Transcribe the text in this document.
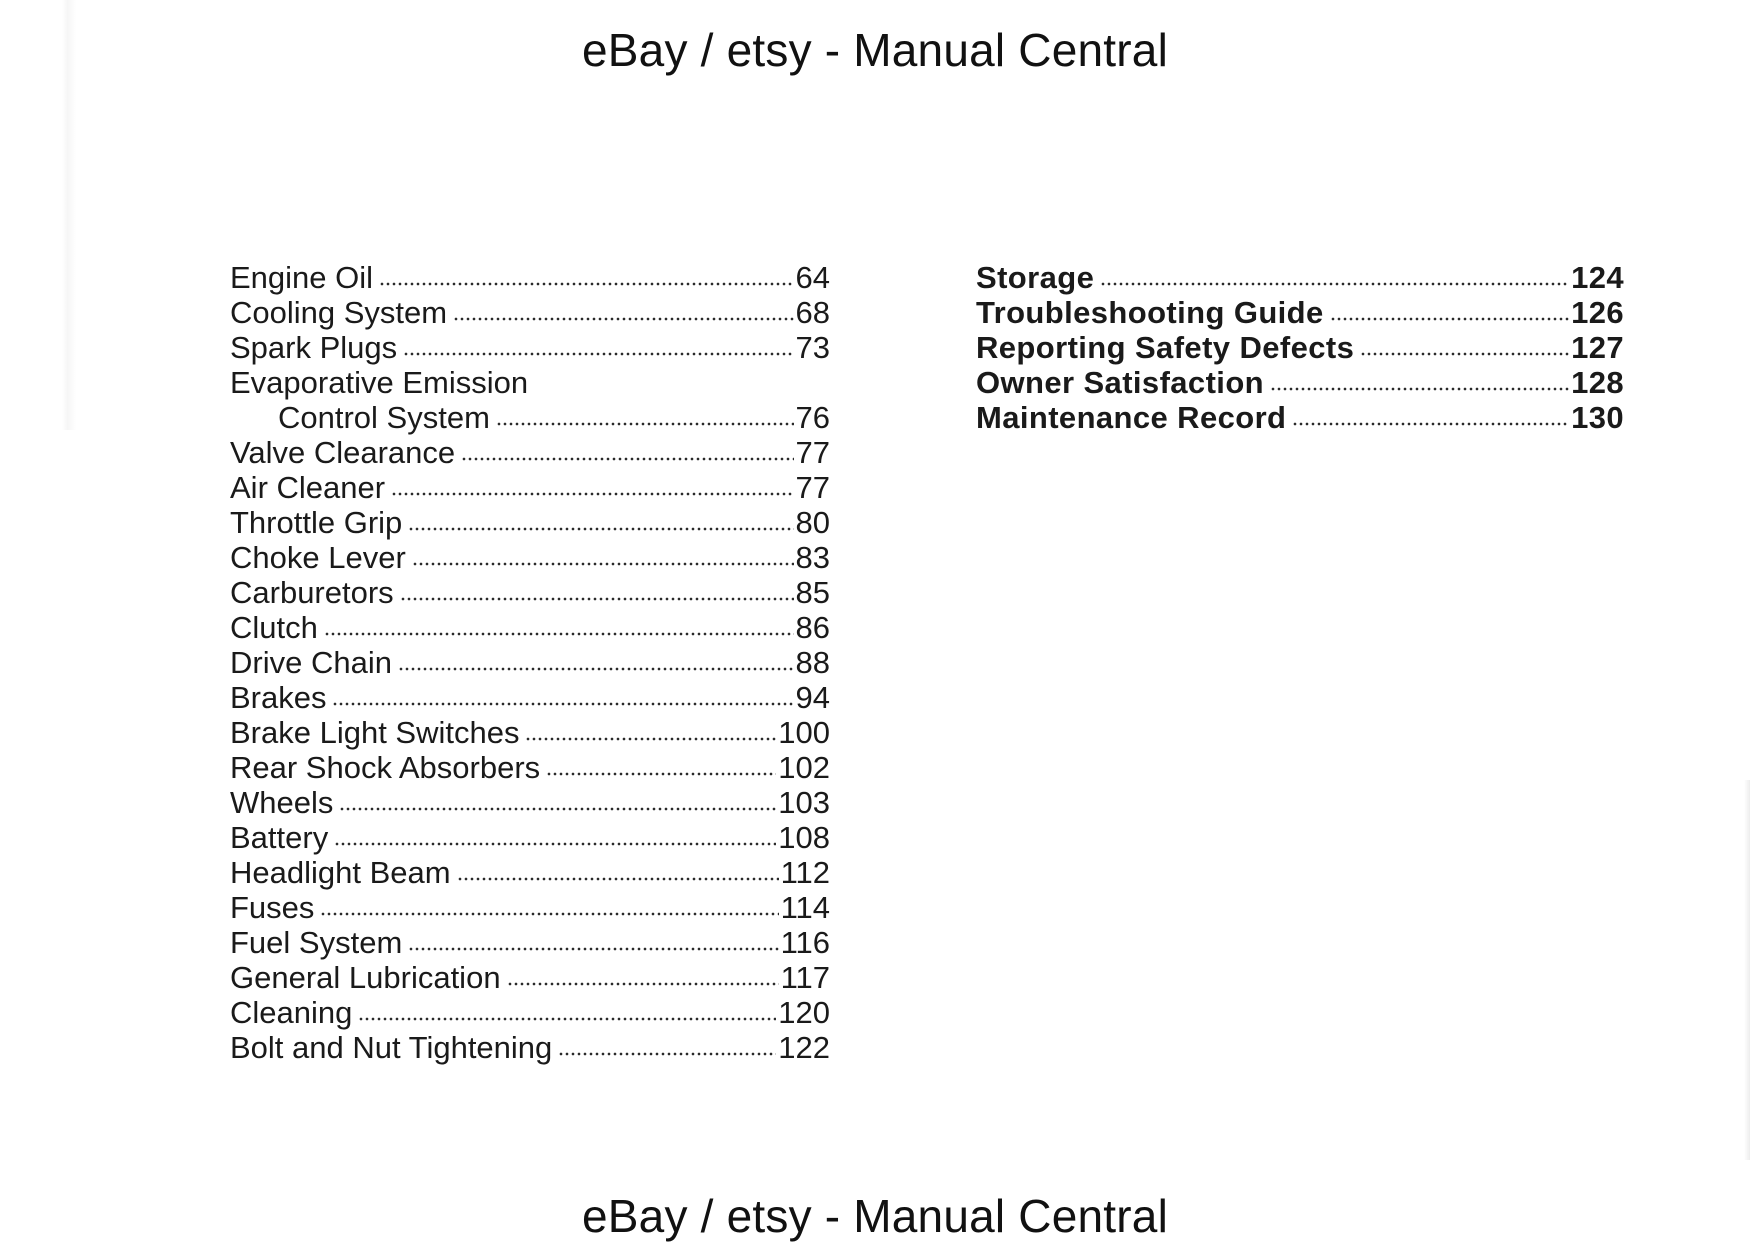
eBay / etsy - Manual Central
Engine Oil	64
Cooling System	68
Spark Plugs	73
Evaporative Emission
Control System	76
Valve Clearance	77
Air Cleaner	77
Throttle Grip	80
Choke Lever	83
Carburetors	85
Clutch	86
Drive Chain	88
Brakes	94
Brake Light Switches	100
Rear Shock Absorbers	102
Wheels	103
Battery	108
Headlight Beam	112
Fuses	114
Fuel System	116
General Lubrication	117
Cleaning	120
Bolt and Nut Tightening	122
Storage	124
Troubleshooting Guide	126
Reporting Safety Defects	127
Owner Satisfaction	128
Maintenance Record	130
eBay / etsy - Manual Central
